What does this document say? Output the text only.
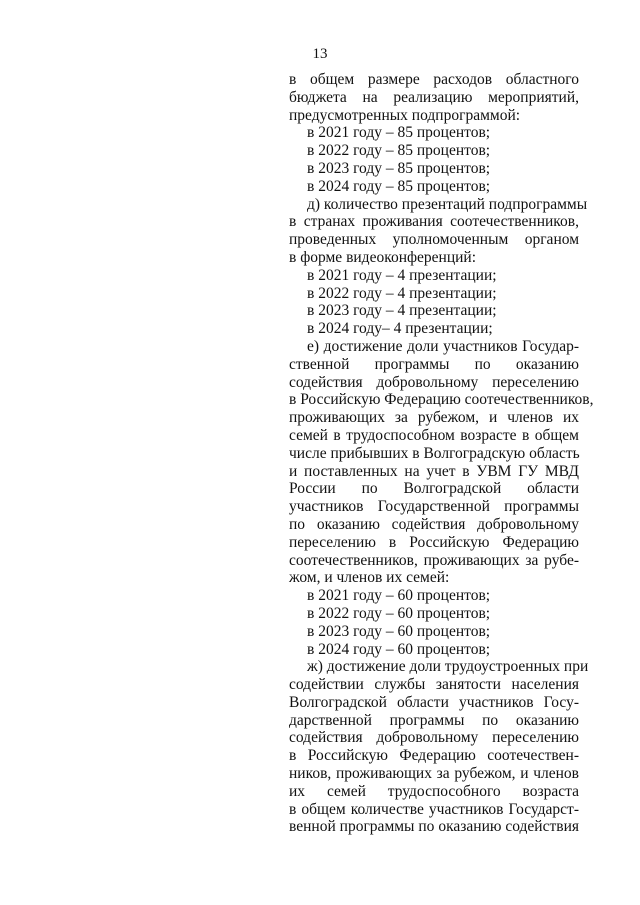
13
в общем размере расходов областного
бюджета на реализацию мероприятий,
предусмотренных подпрограммой:
в 2021 году – 85 процентов;
в 2022 году – 85 процентов;
в 2023 году – 85 процентов;
в 2024 году – 85 процентов;
д) количество презентаций подпрограммы
в странах проживания соотечественников,
проведенных уполномоченным органом
в форме видеоконференций:
в 2021 году – 4 презентации;
в 2022 году – 4 презентации;
в 2023 году – 4 презентации;
в 2024 году– 4 презентации;
е) достижение доли участников Государ-
ственной программы по оказанию
содействия добровольному переселению
в Российскую Федерацию соотечественников,
проживающих за рубежом, и членов их
семей в трудоспособном возрасте в общем
числе прибывших в Волгоградскую область
и поставленных на учет в УВМ ГУ МВД
России по Волгоградской области
участников Государственной программы
по оказанию содействия добровольному
переселению в Российскую Федерацию
соотечественников, проживающих за рубе-
жом, и членов их семей:
в 2021 году – 60 процентов;
в 2022 году – 60 процентов;
в 2023 году – 60 процентов;
в 2024 году – 60 процентов;
ж) достижение доли трудоустроенных при
содействии службы занятости населения
Волгоградской области участников Госу-
дарственной программы по оказанию
содействия добровольному переселению
в Российскую Федерацию соотечествен-
ников, проживающих за рубежом, и членов
их семей трудоспособного возраста
в общем количестве участников Государст-
венной программы по оказанию содействия
